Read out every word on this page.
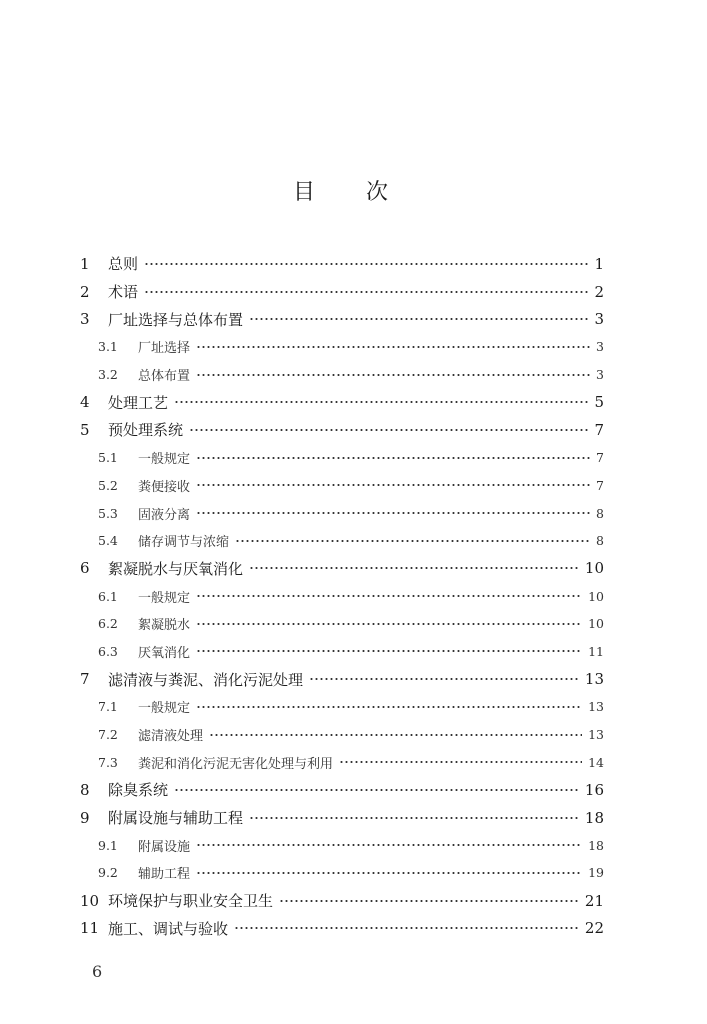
目 次
1	总则	1
2	术语	2
3	厂址选择与总体布置	3
3.1	厂址选择	3
3.2	总体布置	3
4	处理工艺	5
5	预处理系统	7
5.1	一般规定	7
5.2	粪便接收	7
5.3	固液分离	8
5.4	储存调节与浓缩	8
6	絮凝脱水与厌氧消化	10
6.1	一般规定	10
6.2	絮凝脱水	10
6.3	厌氧消化	11
7	滤清液与粪泥、消化污泥处理	13
7.1	一般规定	13
7.2	滤清液处理	13
7.3	粪泥和消化污泥无害化处理与利用	14
8	除臭系统	16
9	附属设施与辅助工程	18
9.1	附属设施	18
9.2	辅助工程	19
10 环境保护与职业安全卫生	21
11 施工、调试与验收	22
6
